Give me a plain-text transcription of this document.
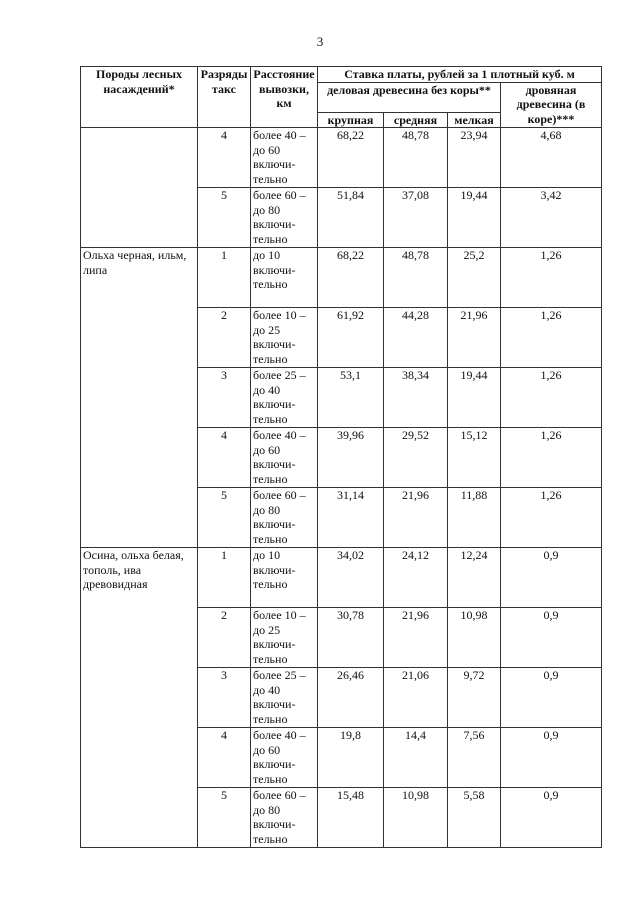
3
Породы лесных насаждений*	Разряды такс	Расстояние вывозки, км	Ставка платы, рублей за 1 плотный куб. м			
			деловая древесина без коры**			дровяная древесина (в коре)***
			крупная	средняя	мелкая	
	4	более 40 – до 60 включи-тельно	68,22	48,78	23,94	4,68
	5	более 60 – до 80 включи-тельно	51,84	37,08	19,44	3,42
Ольха черная, ильм, липа	1	до 10 включи-тельно	68,22	48,78	25,2	1,26
	2	более 10 – до 25 включи-тельно	61,92	44,28	21,96	1,26
	3	более 25 – до 40 включи-тельно	53,1	38,34	19,44	1,26
	4	более 40 – до 60 включи-тельно	39,96	29,52	15,12	1,26
	5	более 60 – до 80 включи-тельно	31,14	21,96	11,88	1,26
Осина, ольха белая, тополь, ива древовидная	1	до 10 включи-тельно	34,02	24,12	12,24	0,9
	2	более 10 – до 25 включи-тельно	30,78	21,96	10,98	0,9
	3	более 25 – до 40 включи-тельно	26,46	21,06	9,72	0,9
	4	более 40 – до 60 включи-тельно	19,8	14,4	7,56	0,9
	5	более 60 – до 80 включи-тельно	15,48	10,98	5,58	0,9
